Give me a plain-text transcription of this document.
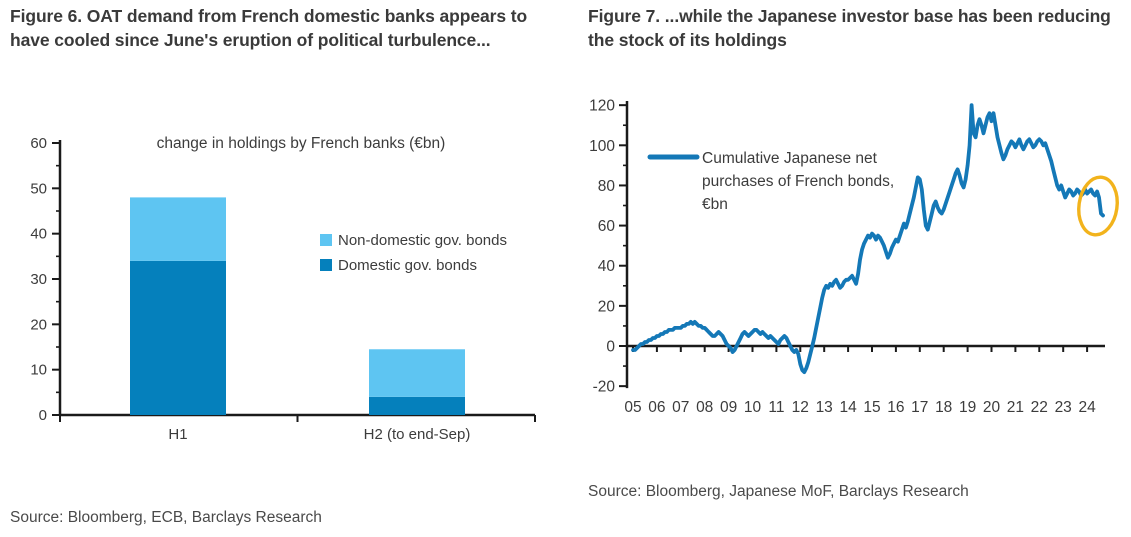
Figure 6. OAT demand from French domestic banks appears to have cooled since June's eruption of political turbulence...
Figure 7. ...while the Japanese investor base has been reducing the stock of its holdings
change in holdings by French banks (€bn)
0
10
20
30
40
50
60
H1	H2 (to end-Sep)
Non-domestic gov. bonds
Domestic gov. bonds
-20
0
20
40
60
80
100
120
05 06 07 08 09 10 11 12 13 14 15 16 17 18 19 20 21 22 23 24
Cumulative Japanese net
purchases of French bonds,
€bn
Source: Bloomberg, ECB, Barclays Research
Source: Bloomberg, Japanese MoF, Barclays Research
